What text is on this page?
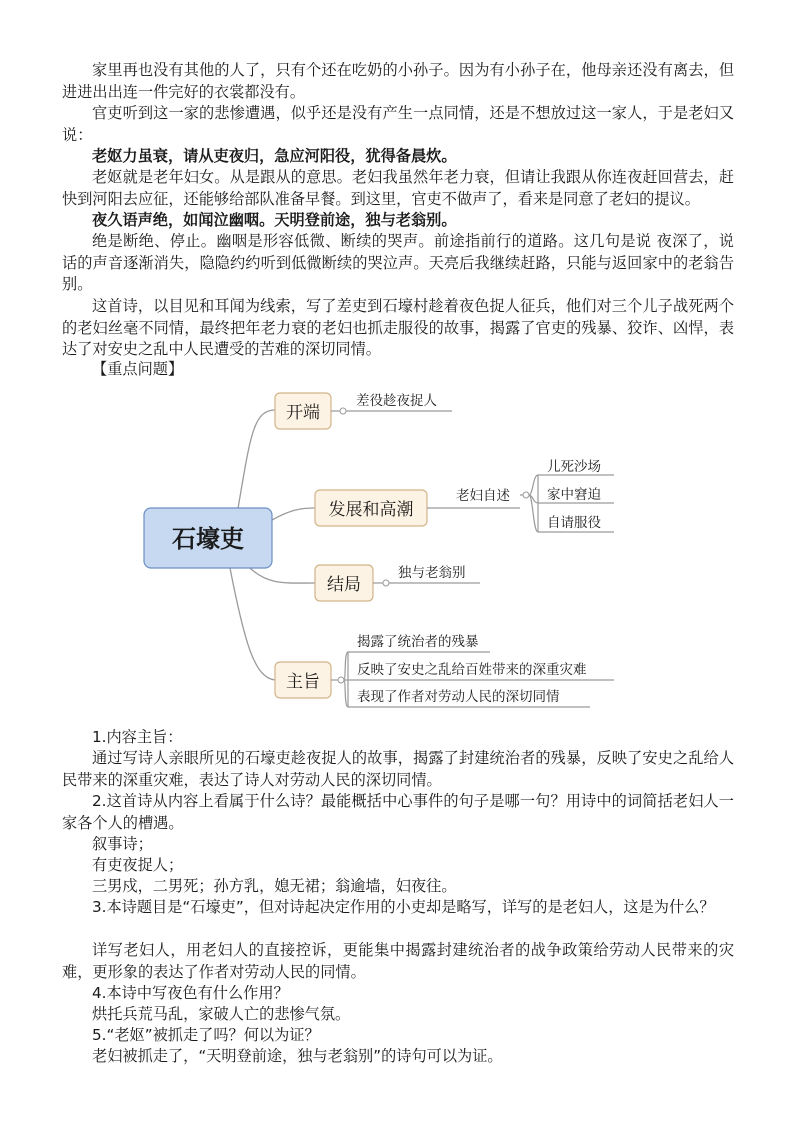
家里再也没有其他的人了，只有个还在吃奶的小孙子。因为有小孙子在，他母亲还没有离去，但进进出出连一件完好的衣裳都没有。

官吏听到这一家的悲惨遭遇，似乎还是没有产生一点同情，还是不想放过这一家人，于是老妇又说：

老妪力虽衰，请从吏夜归，急应河阳役，犹得备晨炊。

老妪就是老年妇女。从是跟从的意思。老妇我虽然年老力衰，但请让我跟从你连夜赶回营去，赶快到河阳去应征，还能够给部队准备早餐。到这里，官吏不做声了，看来是同意了老妇的提议。

夜久语声绝，如闻泣幽咽。天明登前途，独与老翁别。

绝是断绝、停止。幽咽是形容低微、断续的哭声。前途指前行的道路。这几句是说 夜深了，说话的声音逐渐消失，隐隐约约听到低微断续的哭泣声。天亮后我继续赶路，只能与返回家中的老翁告别。

这首诗，以目见和耳闻为线索，写了差吏到石壕村趁着夜色捉人征兵，他们对三个儿子战死两个的老妇丝毫不同情，最终把年老力衰的老妇也抓走服役的故事，揭露了官吏的残暴、狡诈、凶悍，表达了对安史之乱中人民遭受的苦难的深切同情。

【重点问题】

石壕吏
开端
差役趁夜捉人
发展和高潮
老妇自述
儿死沙场
家中窘迫
自请服役
结局
独与老翁别
主旨
揭露了统治者的残暴
反映了安史之乱给百姓带来的深重灾难
表现了作者对劳动人民的深切同情

1.内容主旨：

通过写诗人亲眼所见的石壕吏趁夜捉人的故事，揭露了封建统治者的残暴，反映了安史之乱给人民带来的深重灾难，表达了诗人对劳动人民的深切同情。

2.这首诗从内容上看属于什么诗？最能概括中心事件的句子是哪一句？用诗中的词简括老妇人一家各个人的槽遇。

叙事诗；

有吏夜捉人；

三男戍，二男死；孙方乳，媳无裙；翁逾墙，妇夜往。

3.本诗题目是“石壕吏”，但对诗起决定作用的小吏却是略写，详写的是老妇人，这是为什么？

详写老妇人，用老妇人的直接控诉，更能集中揭露封建统治者的战争政策给劳动人民带来的灾难，更形象的表达了作者对劳动人民的同情。

4.本诗中写夜色有什么作用？

烘托兵荒马乱，家破人亡的悲惨气氛。

5.“老妪”被抓走了吗？何以为证？

老妇被抓走了，“天明登前途，独与老翁别”的诗句可以为证。
